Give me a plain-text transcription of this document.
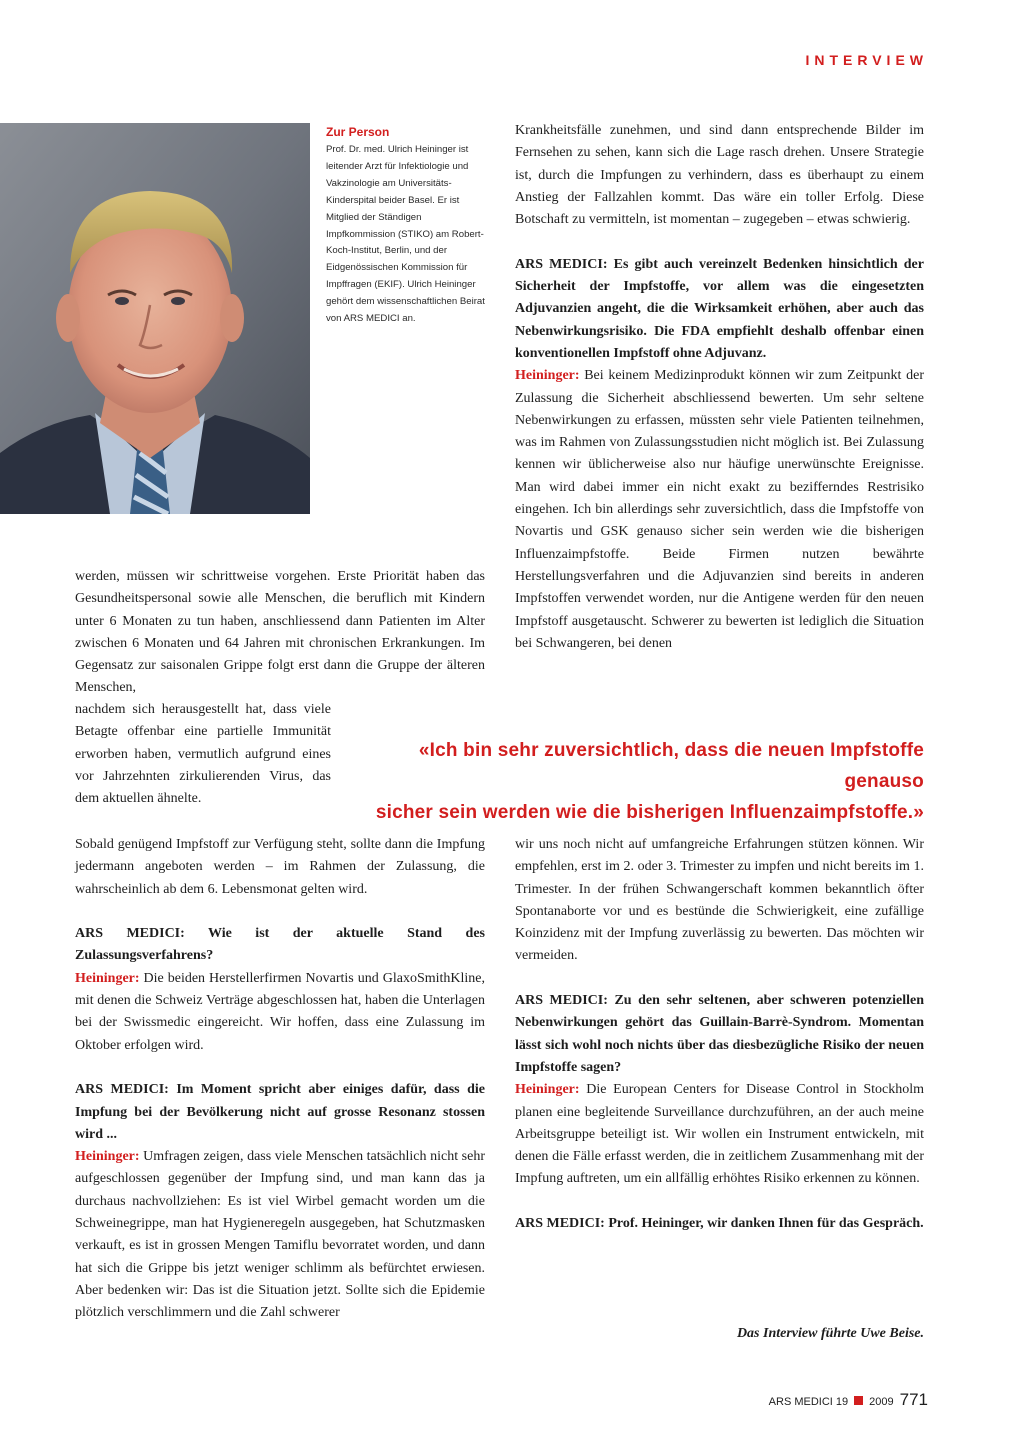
INTERVIEW
Zur Person
Prof. Dr. med. Ulrich Heininger ist leitender Arzt für Infektiologie und Vakzinologie am Universitäts-Kinderspital beider Basel. Er ist Mitglied der Ständigen Impfkommission (STIKO) am Robert-Koch-Institut, Berlin, und der Eidgenössischen Kommission für Impffragen (EKIF). Ulrich Heininger gehört dem wissenschaftlichen Beirat von ARS MEDICI an.

Krankheitsfälle zunehmen, und sind dann entsprechende Bilder im Fernsehen zu sehen, kann sich die Lage rasch drehen. Unsere Strategie ist, durch die Impfungen zu verhindern, dass es überhaupt zu einem Anstieg der Fallzahlen kommt. Das wäre ein toller Erfolg. Diese Botschaft zu vermitteln, ist momentan – zugegeben – etwas schwierig.

ARS MEDICI: Es gibt auch vereinzelt Bedenken hinsichtlich der Sicherheit der Impfstoffe, vor allem was die eingesetzten Adjuvanzien angeht, die die Wirksamkeit erhöhen, aber auch das Nebenwirkungsrisiko. Die FDA empfiehlt deshalb offenbar einen konventionellen Impfstoff ohne Adjuvanz.

Heininger: Bei keinem Medizinprodukt können wir zum Zeitpunkt der Zulassung die Sicherheit abschliessend bewerten. Um sehr seltene Nebenwirkungen zu erfassen, müssten sehr viele Patienten teilnehmen, was im Rahmen von Zulassungsstudien nicht möglich ist. Bei Zulassung kennen wir üblicherweise also nur häufige unerwünschte Ereignisse. Man wird dabei immer ein nicht exakt zu bezifferndes Restrisiko eingehen. Ich bin allerdings sehr zuversichtlich, dass die Impfstoffe von Novartis und GSK genauso sicher sein werden wie die bisherigen Influenzaimpfstoffe. Beide Firmen nutzen bewährte Herstellungsverfahren und die Adjuvanzien sind bereits in anderen Impfstoffen verwendet worden, nur die Antigene werden für den neuen Impfstoff ausgetauscht. Schwerer zu bewerten ist lediglich die Situation bei Schwangeren, bei denen

werden, müssen wir schrittweise vorgehen. Erste Priorität haben das Gesundheitspersonal sowie alle Menschen, die beruflich mit Kindern unter 6 Monaten zu tun haben, anschliessend dann Patienten im Alter zwischen 6 Monaten und 64 Jahren mit chronischen Erkrankungen. Im Gegensatz zur saisonalen Grippe folgt erst dann die Gruppe der älteren Menschen,

nachdem sich herausgestellt hat, dass viele Betagte offenbar eine partielle Immunität erworben haben, vermutlich aufgrund eines vor Jahrzehnten zirkulierenden Virus, das dem aktuellen ähnelte.
«Ich bin sehr zuversichtlich, dass die neuen Impfstoffe genauso
sicher sein werden wie die bisherigen Influenzaimpfstoffe.»

Sobald genügend Impfstoff zur Verfügung steht, sollte dann die Impfung jedermann angeboten werden – im Rahmen der Zulassung, die wahrscheinlich ab dem 6. Lebensmonat gelten wird.

ARS MEDICI: Wie ist der aktuelle Stand des Zulassungsverfahrens?

Heininger: Die beiden Herstellerfirmen Novartis und GlaxoSmithKline, mit denen die Schweiz Verträge abgeschlossen hat, haben die Unterlagen bei der Swissmedic eingereicht. Wir hoffen, dass eine Zulassung im Oktober erfolgen wird.

ARS MEDICI: Im Moment spricht aber einiges dafür, dass die Impfung bei der Bevölkerung nicht auf grosse Resonanz stossen wird ...

Heininger: Umfragen zeigen, dass viele Menschen tatsächlich nicht sehr aufgeschlossen gegenüber der Impfung sind, und man kann das ja durchaus nachvollziehen: Es ist viel Wirbel gemacht worden um die Schweinegrippe, man hat Hygieneregeln ausgegeben, hat Schutzmasken verkauft, es ist in grossen Mengen Tamiflu bevorratet worden, und dann hat sich die Grippe bis jetzt weniger schlimm als befürchtet erwiesen. Aber bedenken wir: Das ist die Situation jetzt. Sollte sich die Epidemie plötzlich verschlimmern und die Zahl schwerer

wir uns noch nicht auf umfangreiche Erfahrungen stützen können. Wir empfehlen, erst im 2. oder 3. Trimester zu impfen und nicht bereits im 1. Trimester. In der frühen Schwangerschaft kommen bekanntlich öfter Spontanaborte vor und es bestünde die Schwierigkeit, eine zufällige Koinzidenz mit der Impfung zuverlässig zu bewerten. Das möchten wir vermeiden.

ARS MEDICI: Zu den sehr seltenen, aber schweren potenziellen Nebenwirkungen gehört das Guillain-Barrè-Syndrom. Momentan lässt sich wohl noch nichts über das diesbezügliche Risiko der neuen Impfstoffe sagen?

Heininger: Die European Centers for Disease Control in Stockholm planen eine begleitende Surveillance durchzuführen, an der auch meine Arbeitsgruppe beteiligt ist. Wir wollen ein Instrument entwickeln, mit denen die Fälle erfasst werden, die in zeitlichem Zusammenhang mit der Impfung auftreten, um ein allfällig erhöhtes Risiko erkennen zu können.

ARS MEDICI: Prof. Heininger, wir danken Ihnen für das Gespräch.

Das Interview führte Uwe Beise.
ARS MEDICI 19 2009 771
